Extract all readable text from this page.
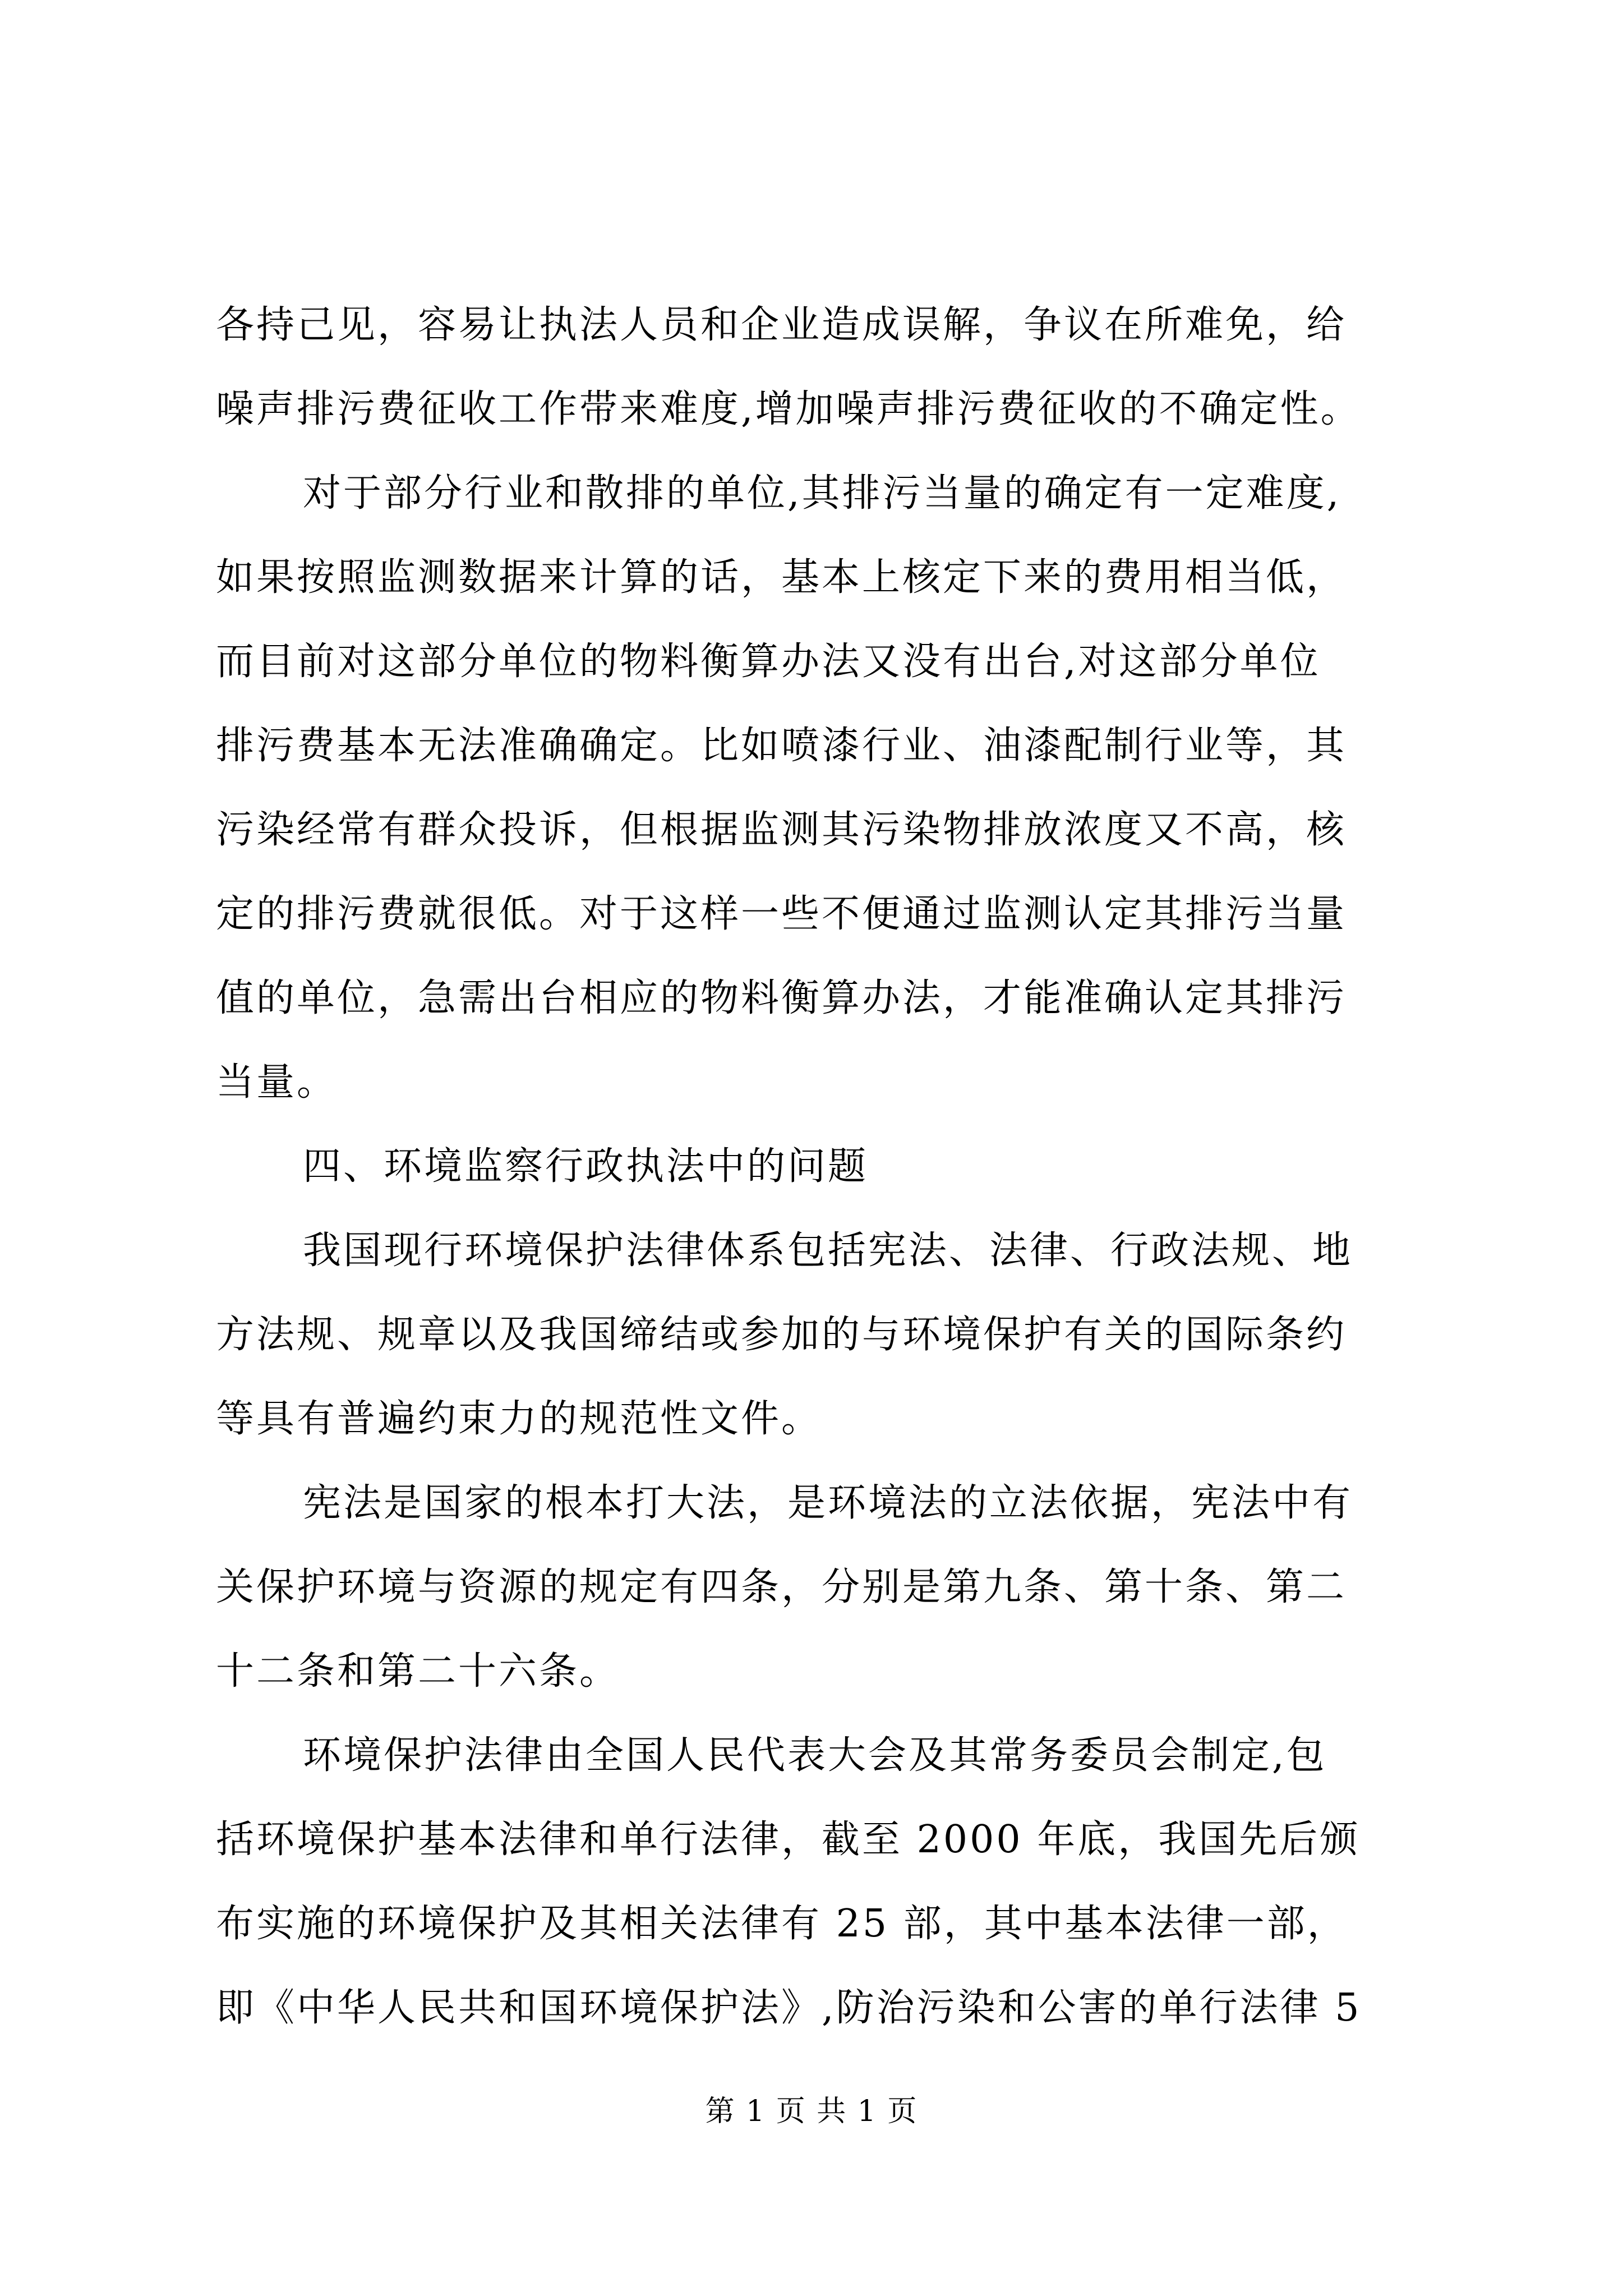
各持己见，容易让执法人员和企业造成误解，争议在所难免，给
噪声排污费征收工作带来难度,增加噪声排污费征收的不确定性。
对于部分行业和散排的单位,其排污当量的确定有一定难度,
如果按照监测数据来计算的话，基本上核定下来的费用相当低，
而目前对这部分单位的物料衡算办法又没有出台,对这部分单位
排污费基本无法准确确定。比如喷漆行业、油漆配制行业等，其
污染经常有群众投诉，但根据监测其污染物排放浓度又不高，核
定的排污费就很低。对于这样一些不便通过监测认定其排污当量
值的单位，急需出台相应的物料衡算办法，才能准确认定其排污
当量。
四、环境监察行政执法中的问题
我国现行环境保护法律体系包括宪法、法律、行政法规、地
方法规、规章以及我国缔结或参加的与环境保护有关的国际条约
等具有普遍约束力的规范性文件。
宪法是国家的根本打大法，是环境法的立法依据，宪法中有
关保护环境与资源的规定有四条，分别是第九条、第十条、第二
十二条和第二十六条。
环境保护法律由全国人民代表大会及其常务委员会制定,包
括环境保护基本法律和单行法律，截至 2000 年底，我国先后颁
布实施的环境保护及其相关法律有 25 部，其中基本法律一部，
即《中华人民共和国环境保护法》,防治污染和公害的单行法律 5
第 1 页 共 1 页
